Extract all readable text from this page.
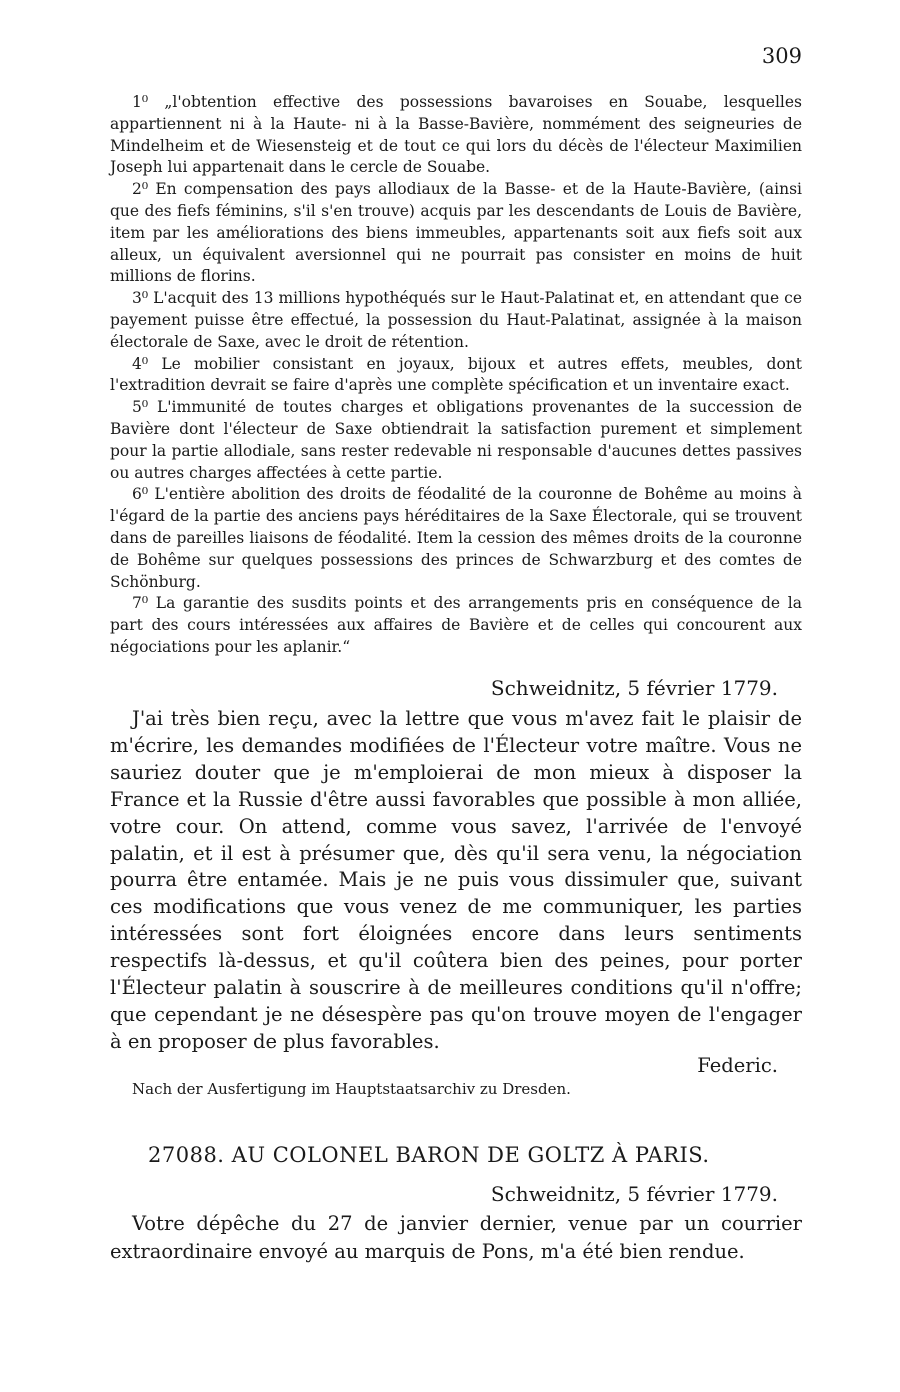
309

1⁰ „l'obtention effective des possessions bavaroises en Souabe, lesquelles appartiennent ni à la Haute- ni à la Basse-Bavière, nommément des seigneuries de Mindelheim et de Wiesensteig et de tout ce qui lors du décès de l'électeur Maximilien Joseph lui appartenait dans le cercle de Souabe.

2⁰ En compensation des pays allodiaux de la Basse- et de la Haute-Bavière, (ainsi que des fiefs féminins, s'il s'en trouve) acquis par les descendants de Louis de Bavière, item par les améliorations des biens immeubles, appartenants soit aux fiefs soit aux alleux, un équivalent aversionnel qui ne pourrait pas consister en moins de huit millions de florins.

3⁰ L'acquit des 13 millions hypothéqués sur le Haut-Palatinat et, en attendant que ce payement puisse être effectué, la possession du Haut-Palatinat, assignée à la maison électorale de Saxe, avec le droit de rétention.

4⁰ Le mobilier consistant en joyaux, bijoux et autres effets, meubles, dont l'extradition devrait se faire d'après une complète spécification et un inventaire exact.

5⁰ L'immunité de toutes charges et obligations provenantes de la succession de Bavière dont l'électeur de Saxe obtiendrait la satisfaction purement et simplement pour la partie allodiale, sans rester redevable ni responsable d'aucunes dettes passives ou autres charges affectées à cette partie.

6⁰ L'entière abolition des droits de féodalité de la couronne de Bohême au moins à l'égard de la partie des anciens pays héréditaires de la Saxe Électorale, qui se trouvent dans de pareilles liaisons de féodalité. Item la cession des mêmes droits de la couronne de Bohême sur quelques possessions des princes de Schwarzburg et des comtes de Schönburg.

7⁰ La garantie des susdits points et des arrangements pris en conséquence de la part des cours intéressées aux affaires de Bavière et de celles qui concourent aux négociations pour les aplanir.“

Schweidnitz, 5 février 1779.

J'ai très bien reçu, avec la lettre que vous m'avez fait le plaisir de m'écrire, les demandes modifiées de l'Électeur votre maître. Vous ne sauriez douter que je m'emploierai de mon mieux à disposer la France et la Russie d'être aussi favorables que possible à mon alliée, votre cour. On attend, comme vous savez, l'arrivée de l'envoyé palatin, et il est à présumer que, dès qu'il sera venu, la négociation pourra être entamée. Mais je ne puis vous dissimuler que, suivant ces modifications que vous venez de me communiquer, les parties intéressées sont fort éloignées encore dans leurs sentiments respectifs là-dessus, et qu'il coûtera bien des peines, pour porter l'Électeur palatin à souscrire à de meilleures conditions qu'il n'offre; que cependant je ne désespère pas qu'on trouve moyen de l'engager à en proposer de plus favorables.

Federic.
Nach der Ausfertigung im Hauptstaatsarchiv zu Dresden.
27088. AU COLONEL BARON DE GOLTZ À PARIS.
Schweidnitz, 5 février 1779.

Votre dépêche du 27 de janvier dernier, venue par un courrier extraordinaire envoyé au marquis de Pons, m'a été bien rendue.
